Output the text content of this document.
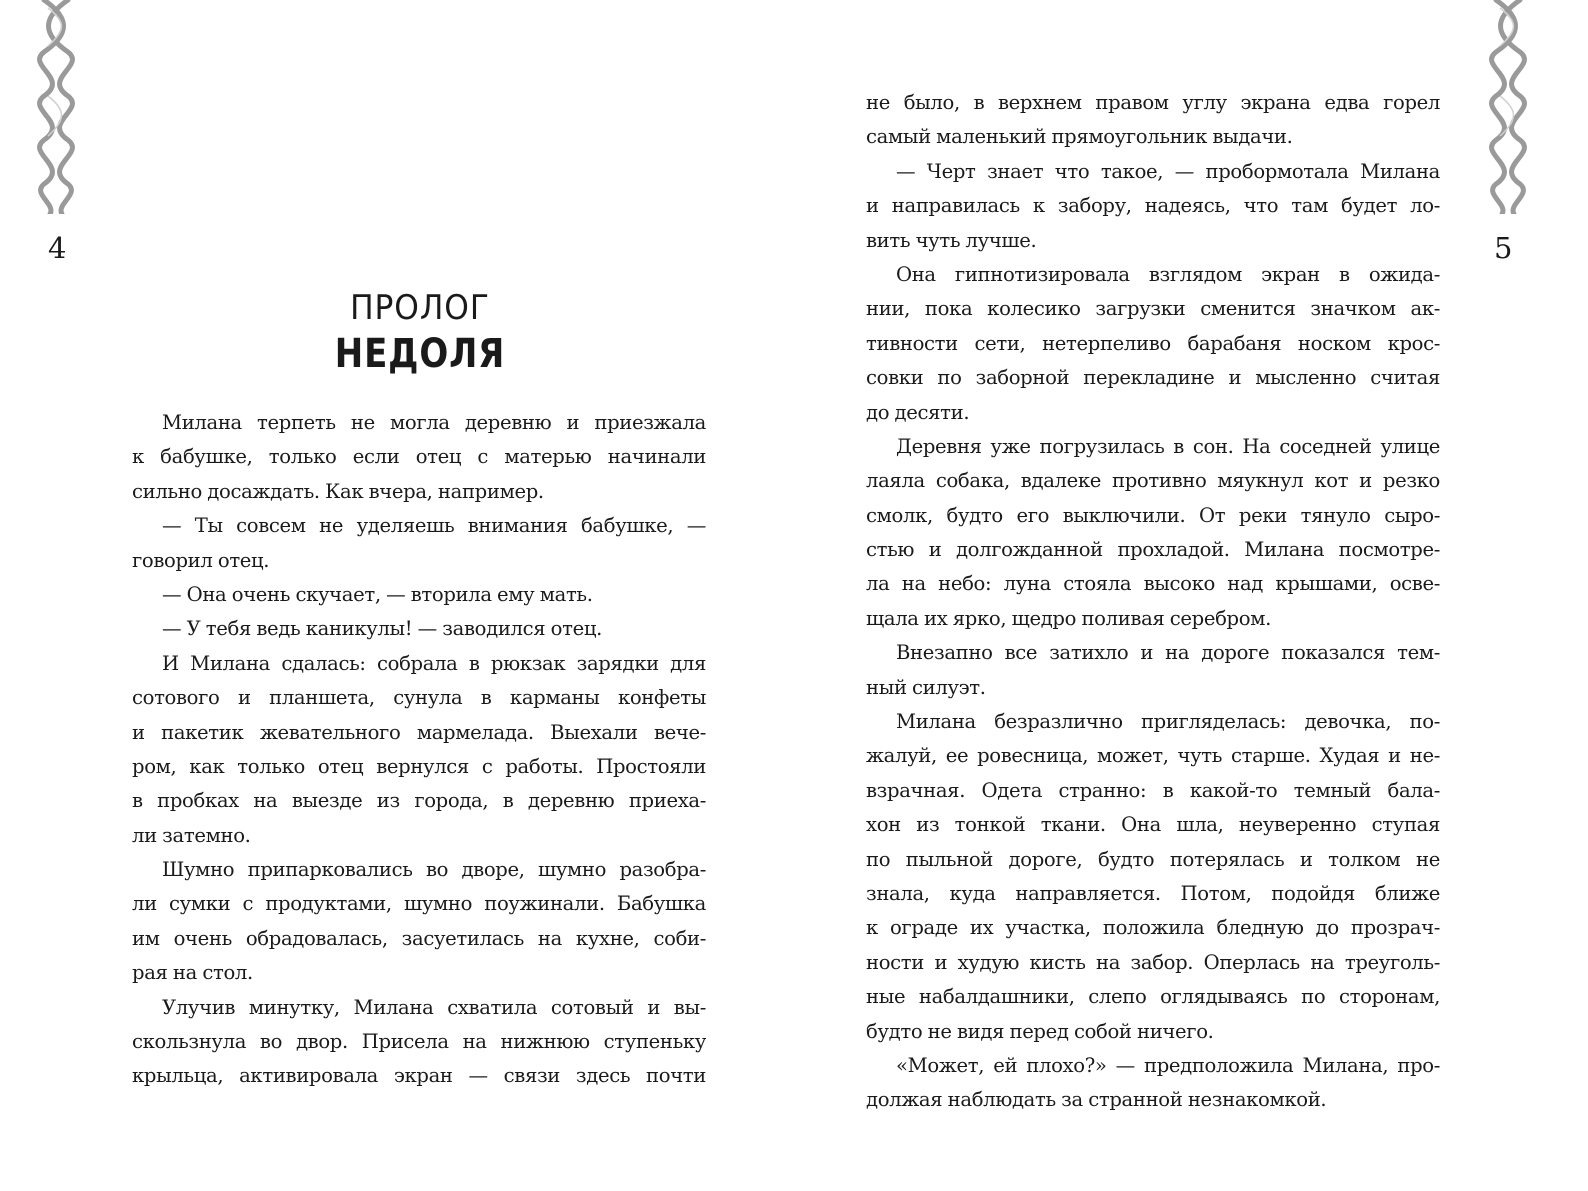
4
ПРОЛОГ
НЕДОЛЯ
Милана терпеть не могла деревню и приезжала
к бабушке, только если отец с матерью начинали
сильно досаждать. Как вчера, например.
— Ты совсем не уделяешь внимания бабушке, —
говорил отец.
— Она очень скучает, — вторила ему мать.
— У тебя ведь каникулы! — заводился отец.
И Милана сдалась: собрала в рюкзак зарядки для
сотового и планшета, сунула в карманы конфеты
и пакетик жевательного мармелада. Выехали вече-
ром, как только отец вернулся с работы. Простояли
в пробках на выезде из города, в деревню приеха-
ли затемно.
Шумно припарковались во дворе, шумно разобра-
ли сумки с продуктами, шумно поужинали. Бабушка
им очень обрадовалась, засуетилась на кухне, соби-
рая на стол.
Улучив минутку, Милана схватила сотовый и вы-
скользнула во двор. Присела на нижнюю ступеньку
крыльца, активировала экран — связи здесь почти
5
не было, в верхнем правом углу экрана едва горел
самый маленький прямоугольник выдачи.
— Черт знает что такое, — пробормотала Милана
и направилась к забору, надеясь, что там будет ло-
вить чуть лучше.
Она гипнотизировала взглядом экран в ожида-
нии, пока колесико загрузки сменится значком ак-
тивности сети, нетерпеливо барабаня носком крос-
совки по заборной перекладине и мысленно считая
до десяти.
Деревня уже погрузилась в сон. На соседней улице
лаяла собака, вдалеке противно мяукнул кот и резко
смолк, будто его выключили. От реки тянуло сыро-
стью и долгожданной прохладой. Милана посмотре-
ла на небо: луна стояла высоко над крышами, осве-
щала их ярко, щедро поливая серебром.
Внезапно все затихло и на дороге показался тем-
ный силуэт.
Милана безразлично пригляделась: девочка, по-
жалуй, ее ровесница, может, чуть старше. Худая и не-
взрачная. Одета странно: в какой-то темный бала-
хон из тонкой ткани. Она шла, неуверенно ступая
по пыльной дороге, будто потерялась и толком не
знала, куда направляется. Потом, подойдя ближе
к ограде их участка, положила бледную до прозрач-
ности и худую кисть на забор. Оперлась на треуголь-
ные набалдашники, слепо оглядываясь по сторонам,
будто не видя перед собой ничего.
«Может, ей плохо?» — предположила Милана, про-
должая наблюдать за странной незнакомкой.
